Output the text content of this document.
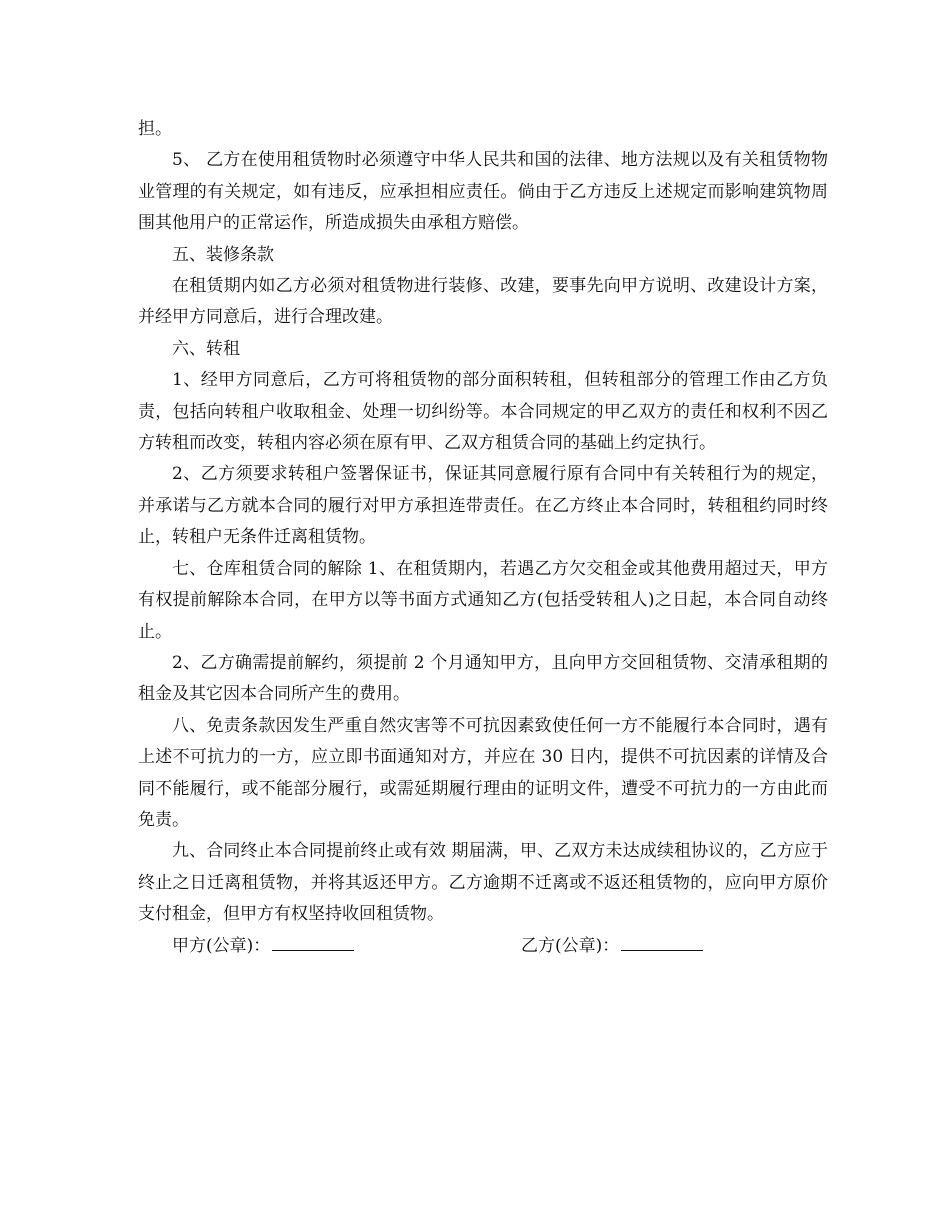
担。

5、 乙方在使用租赁物时必须遵守中华人民共和国的法律、地方法规以及有关租赁物物业管理的有关规定，如有违反，应承担相应责任。倘由于乙方违反上述规定而影响建筑物周围其他用户的正常运作，所造成损失由承租方赔偿。

五、装修条款

在租赁期内如乙方必须对租赁物进行装修、改建，要事先向甲方说明、改建设计方案，并经甲方同意后，进行合理改建。

六、转租

1、经甲方同意后，乙方可将租赁物的部分面积转租，但转租部分的管理工作由乙方负责，包括向转租户收取租金、处理一切纠纷等。本合同规定的甲乙双方的责任和权利不因乙方转租而改变，转租内容必须在原有甲、乙双方租赁合同的基础上约定执行。

2、乙方须要求转租户签署保证书，保证其同意履行原有合同中有关转租行为的规定，并承诺与乙方就本合同的履行对甲方承担连带责任。在乙方终止本合同时，转租租约同时终止，转租户无条件迁离租赁物。

七、仓库租赁合同的解除 1、在租赁期内，若遇乙方欠交租金或其他费用超过天，甲方有权提前解除本合同，在甲方以等书面方式通知乙方(包括受转租人)之日起，本合同自动终止。

2、乙方确需提前解约，须提前 2 个月通知甲方，且向甲方交回租赁物、交清承租期的租金及其它因本合同所产生的费用。

八、免责条款因发生严重自然灾害等不可抗因素致使任何一方不能履行本合同时，遇有上述不可抗力的一方，应立即书面通知对方，并应在 30 日内，提供不可抗因素的详情及合同不能履行，或不能部分履行，或需延期履行理由的证明文件，遭受不可抗力的一方由此而免责。

九、合同终止本合同提前终止或有效 期届满，甲、乙双方未达成续租协议的，乙方应于终止之日迁离租赁物，并将其返还甲方。乙方逾期不迁离或不返还租赁物的，应向甲方原价支付租金，但甲方有权坚持收回租赁物。

甲方(公章)：	乙方(公章)：
